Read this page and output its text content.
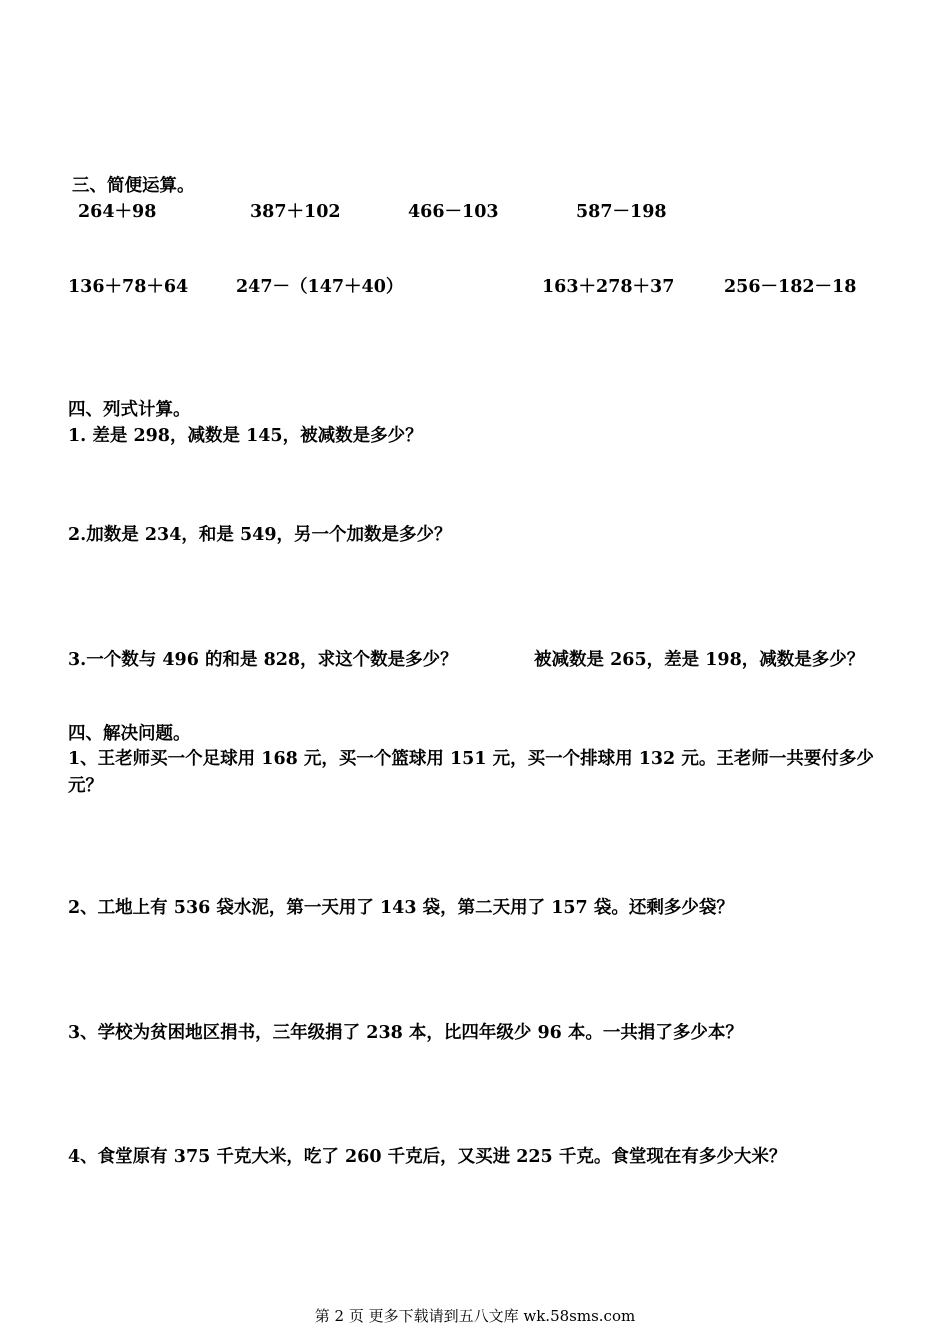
三、简便运算。
264＋98	387＋102	466－103	587－198
136＋78＋64	247－（147＋40）	163＋278＋37	256－182－18
四、列式计算。
1. 差是 298，减数是 145，被减数是多少？
2.加数是 234，和是 549，另一个加数是多少？
3.一个数与 496 的和是 828，求这个数是多少？	被减数是 265，差是 198，减数是多少？
四、解决问题。
1、王老师买一个足球用 168 元，买一个篮球用 151 元，买一个排球用 132 元。王老师一共要付多少元？
2、工地上有 536 袋水泥，第一天用了 143 袋，第二天用了 157 袋。还剩多少袋？
3、学校为贫困地区捐书，三年级捐了 238 本，比四年级少 96 本。一共捐了多少本？
4、食堂原有 375 千克大米，吃了 260 千克后，又买进 225 千克。食堂现在有多少大米？
第 2 页 更多下载请到五八文库 wk.58sms.com
